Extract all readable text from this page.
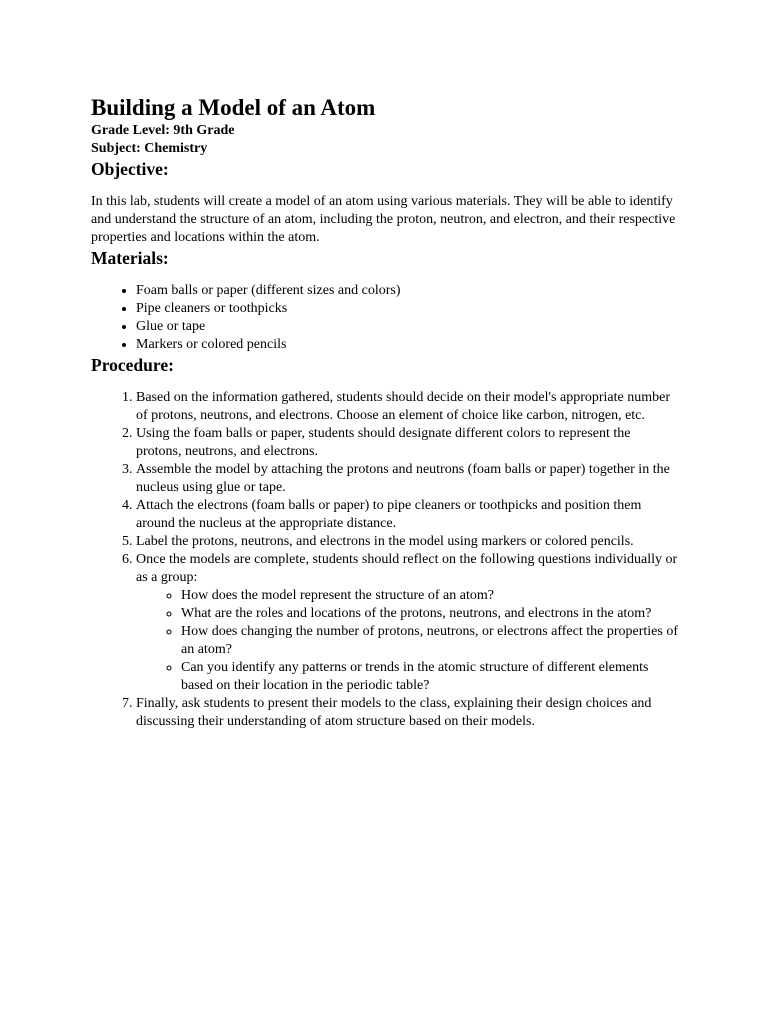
Building a Model of an Atom

Grade Level: 9th Grade

Subject: Chemistry

Objective:

In this lab, students will create a model of an atom using various materials. They will be able to identify and understand the structure of an atom, including the proton, neutron, and electron, and their respective properties and locations within the atom.

Materials:
• Foam balls or paper (different sizes and colors)
• Pipe cleaners or toothpicks
• Glue or tape
• Markers or colored pencils
Procedure:
1. Based on the information gathered, students should decide on their model's appropriate number of protons, neutrons, and electrons. Choose an element of choice like carbon, nitrogen, etc.
2. Using the foam balls or paper, students should designate different colors to represent the protons, neutrons, and electrons.
3. Assemble the model by attaching the protons and neutrons (foam balls or paper) together in the nucleus using glue or tape.
4. Attach the electrons (foam balls or paper) to pipe cleaners or toothpicks and position them around the nucleus at the appropriate distance.
5. Label the protons, neutrons, and electrons in the model using markers or colored pencils.
6. Once the models are complete, students should reflect on the following questions individually or as a group:
◦ How does the model represent the structure of an atom?
◦ What are the roles and locations of the protons, neutrons, and electrons in the atom?
◦ How does changing the number of protons, neutrons, or electrons affect the properties of an atom?
◦ Can you identify any patterns or trends in the atomic structure of different elements based on their location in the periodic table?
7. Finally, ask students to present their models to the class, explaining their design choices and discussing their understanding of atom structure based on their models.
